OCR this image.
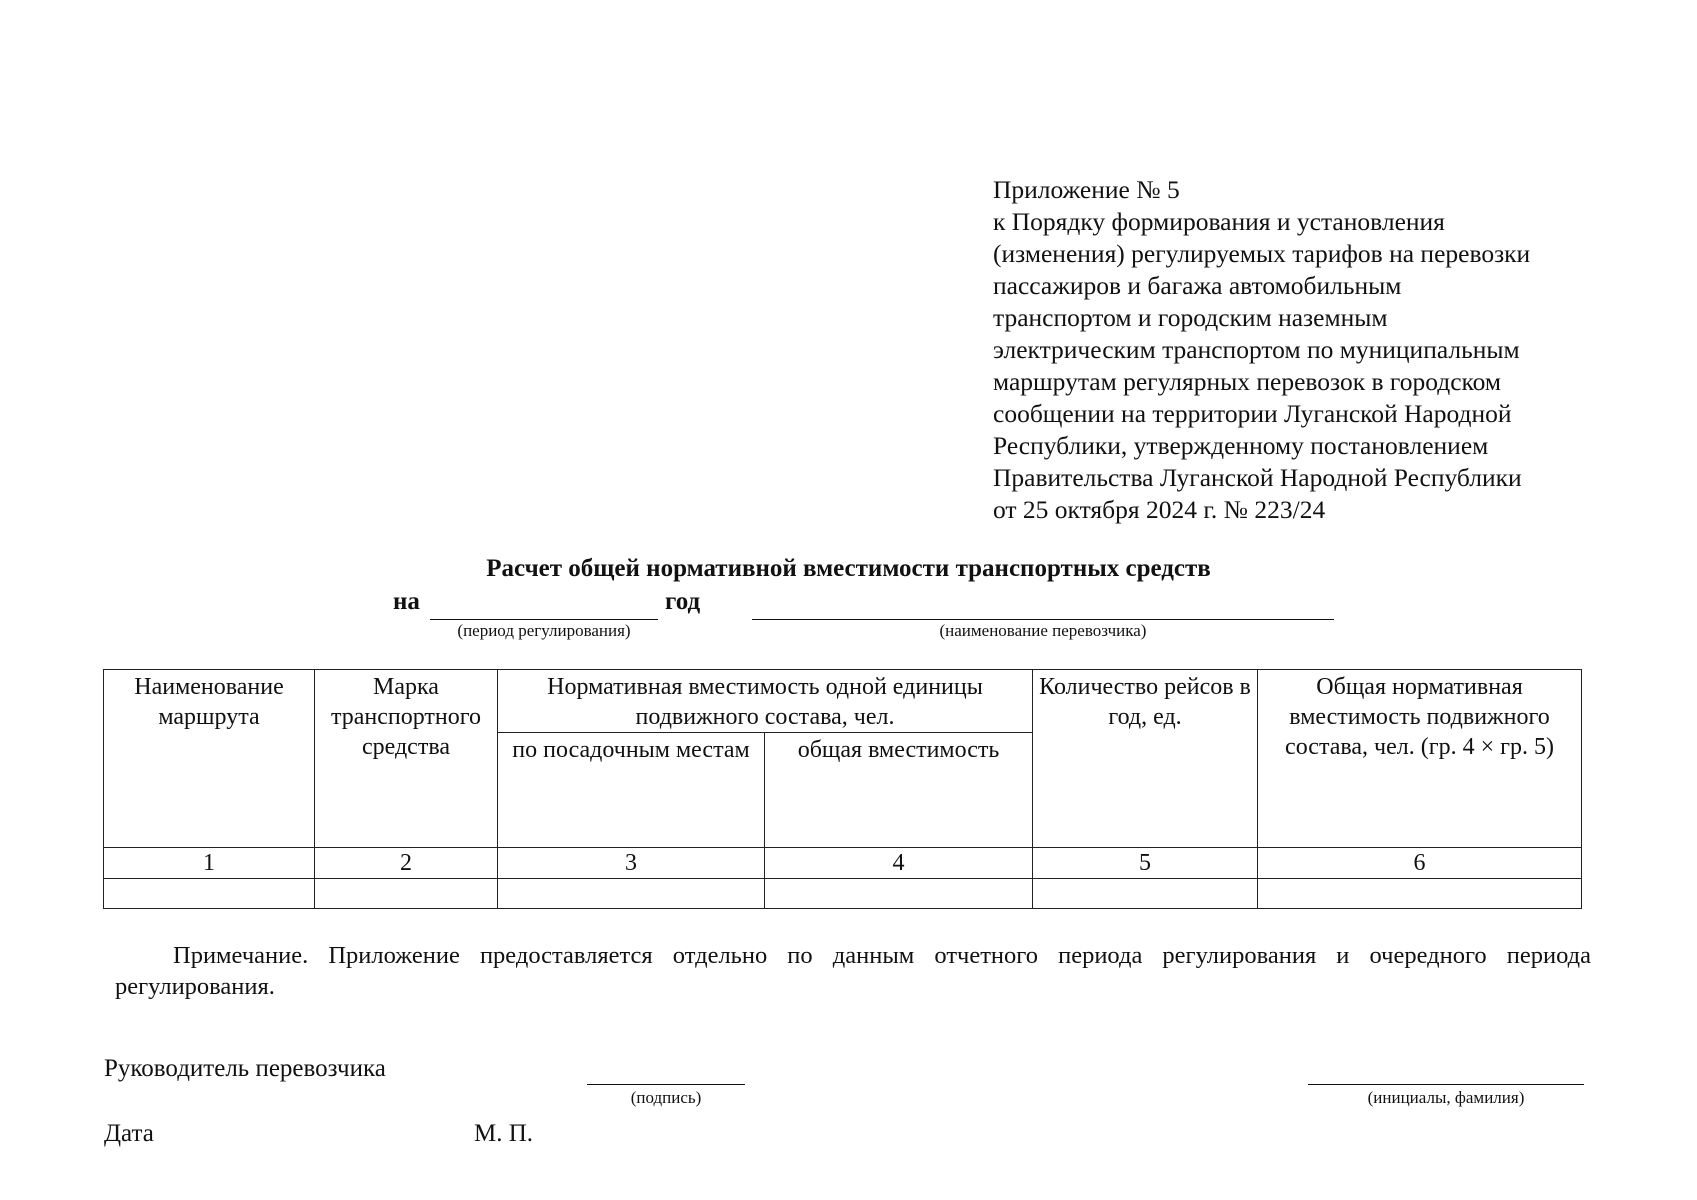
Приложение № 5
к Порядку формирования и установления
(изменения) регулируемых тарифов на перевозки
пассажиров и багажа автомобильным
транспортом и городским наземным
электрическим транспортом по муниципальным
маршрутам регулярных перевозок в городском
сообщении на территории Луганской Народной
Республики, утвержденному постановлением
Правительства Луганской Народной Республики
от 25 октября 2024 г. № 223/24
Расчет общей нормативной вместимости транспортных средств
на	год
(период регулирования)	(наименование перевозчика)
Наименование маршрута	Марка транспортного средства	Нормативная вместимость одной единицы подвижного состава, чел.		Количество рейсов в год, ед.	Общая нормативная вместимость подвижного состава, чел. (гр. 4 × гр. 5)
		по посадочным местам	общая вместимость		
1	2	3	4	5	6

Примечание. Приложение предоставляется отдельно по данным отчетного периода регулирования и очередного периода регулирования.
Руководитель перевозчика
(подпись)	(инициалы, фамилия)
Дата	М. П.
